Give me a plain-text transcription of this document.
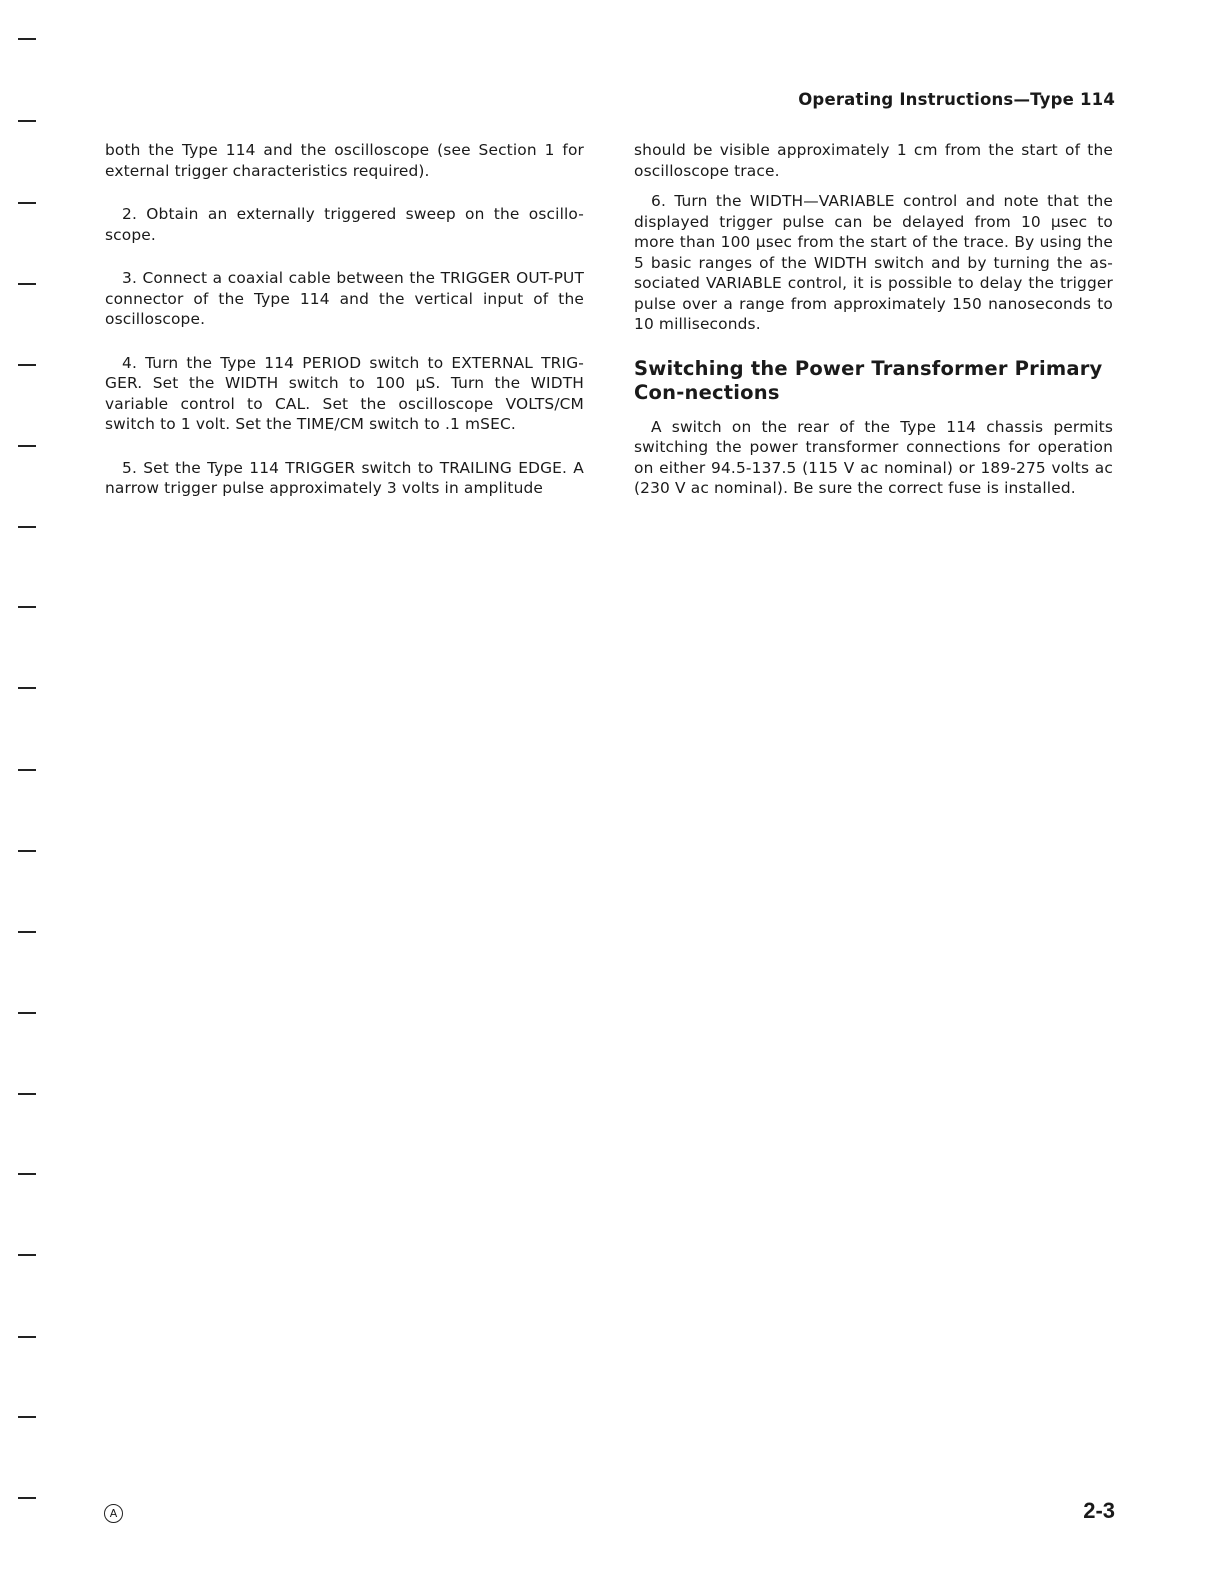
Operating Instructions—Type 114

both the Type 114 and the oscilloscope (see Section 1 for external trigger characteristics required).

2. Obtain an externally triggered sweep on the oscillo-scope.

3. Connect a coaxial cable between the TRIGGER OUT-PUT connector of the Type 114 and the vertical input of the oscilloscope.

4. Turn the Type 114 PERIOD switch to EXTERNAL TRIG-GER. Set the WIDTH switch to 100 μS. Turn the WIDTH variable control to CAL. Set the oscilloscope VOLTS/CM switch to 1 volt. Set the TIME/CM switch to .1 mSEC.

5. Set the Type 114 TRIGGER switch to TRAILING EDGE. A narrow trigger pulse approximately 3 volts in amplitude

should be visible approximately 1 cm from the start of the oscilloscope trace.

6. Turn the WIDTH—VARIABLE control and note that the displayed trigger pulse can be delayed from 10 μsec to more than 100 μsec from the start of the trace. By using the 5 basic ranges of the WIDTH switch and by turning the as-sociated VARIABLE control, it is possible to delay the trigger pulse over a range from approximately 150 nanoseconds to 10 milliseconds.

Switching the Power Transformer Primary Con-nections

A switch on the rear of the Type 114 chassis permits switching the power transformer connections for operation on either 94.5-137.5 (115 V ac nominal) or 189-275 volts ac (230 V ac nominal). Be sure the correct fuse is installed.

A	2-3
